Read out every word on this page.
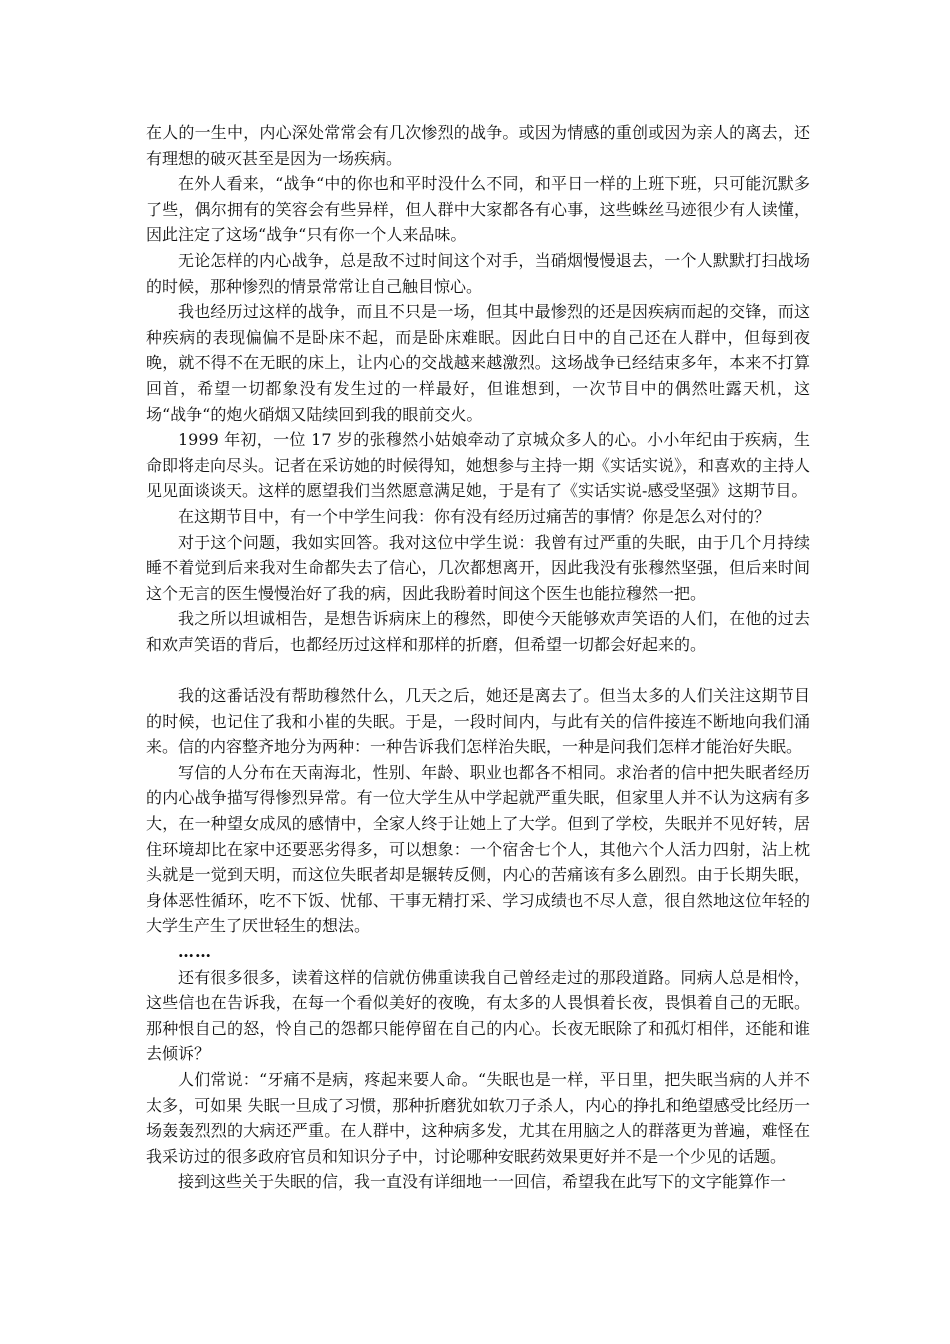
在人的一生中，内心深处常常会有几次惨烈的战争。或因为情感的重创或因为亲人的离去，还有理想的破灭甚至是因为一场疾病。

在外人看来，“战争“中的你也和平时没什么不同，和平日一样的上班下班，只可能沉默多了些，偶尔拥有的笑容会有些异样，但人群中大家都各有心事，这些蛛丝马迹很少有人读懂，因此注定了这场“战争“只有你一个人来品味。

无论怎样的内心战争，总是敌不过时间这个对手，当硝烟慢慢退去，一个人默默打扫战场的时候，那种惨烈的情景常常让自己触目惊心。

我也经历过这样的战争，而且不只是一场，但其中最惨烈的还是因疾病而起的交锋，而这种疾病的表现偏偏不是卧床不起，而是卧床难眠。因此白日中的自己还在人群中，但每到夜晚，就不得不在无眠的床上，让内心的交战越来越激烈。这场战争已经结束多年，本来不打算回首，希望一切都象没有发生过的一样最好，但谁想到，一次节目中的偶然吐露天机，这场“战争“的炮火硝烟又陆续回到我的眼前交火。

1999 年初，一位 17 岁的张穆然小姑娘牵动了京城众多人的心。小小年纪由于疾病，生命即将走向尽头。记者在采访她的时候得知，她想参与主持一期《实话实说》，和喜欢的主持人见见面谈谈天。这样的愿望我们当然愿意满足她，于是有了《实话实说-感受坚强》这期节目。

在这期节目中，有一个中学生问我：你有没有经历过痛苦的事情？你是怎么对付的？

对于这个问题，我如实回答。我对这位中学生说：我曾有过严重的失眠，由于几个月持续睡不着觉到后来我对生命都失去了信心，几次都想离开，因此我没有张穆然坚强，但后来时间这个无言的医生慢慢治好了我的病，因此我盼着时间这个医生也能拉穆然一把。

我之所以坦诚相告，是想告诉病床上的穆然，即使今天能够欢声笑语的人们，在他的过去和欢声笑语的背后，也都经历过这样和那样的折磨，但希望一切都会好起来的。

我的这番话没有帮助穆然什么，几天之后，她还是离去了。但当太多的人们关注这期节目的时候，也记住了我和小崔的失眠。于是，一段时间内，与此有关的信件接连不断地向我们涌来。信的内容整齐地分为两种：一种告诉我们怎样治失眠，一种是问我们怎样才能治好失眠。

写信的人分布在天南海北，性别、年龄、职业也都各不相同。求治者的信中把失眠者经历的内心战争描写得惨烈异常。有一位大学生从中学起就严重失眠，但家里人并不认为这病有多大，在一种望女成凤的感情中，全家人终于让她上了大学。但到了学校，失眠并不见好转，居住环境却比在家中还要恶劣得多，可以想象：一个宿舍七个人，其他六个人活力四射，沾上枕头就是一觉到天明，而这位失眠者却是辗转反侧，内心的苦痛该有多么剧烈。由于长期失眠，身体恶性循环，吃不下饭、忧郁、干事无精打采、学习成绩也不尽人意，很自然地这位年轻的大学生产生了厌世轻生的想法。

……

还有很多很多，读着这样的信就仿佛重读我自己曾经走过的那段道路。同病人总是相怜，这些信也在告诉我，在每一个看似美好的夜晚，有太多的人畏惧着长夜，畏惧着自己的无眠。那种恨自己的怒，怜自己的怨都只能停留在自己的内心。长夜无眠除了和孤灯相伴，还能和谁去倾诉？

人们常说：“牙痛不是病，疼起来要人命。“失眠也是一样，平日里，把失眠当病的人并不太多，可如果 失眠一旦成了习惯，那种折磨犹如软刀子杀人，内心的挣扎和绝望感受比经历一场轰轰烈烈的大病还严重。在人群中，这种病多发，尤其在用脑之人的群落更为普遍，难怪在我采访过的很多政府官员和知识分子中，讨论哪种安眠药效果更好并不是一个少见的话题。

接到这些关于失眠的信，我一直没有详细地一一回信，希望我在此写下的文字能算作一
